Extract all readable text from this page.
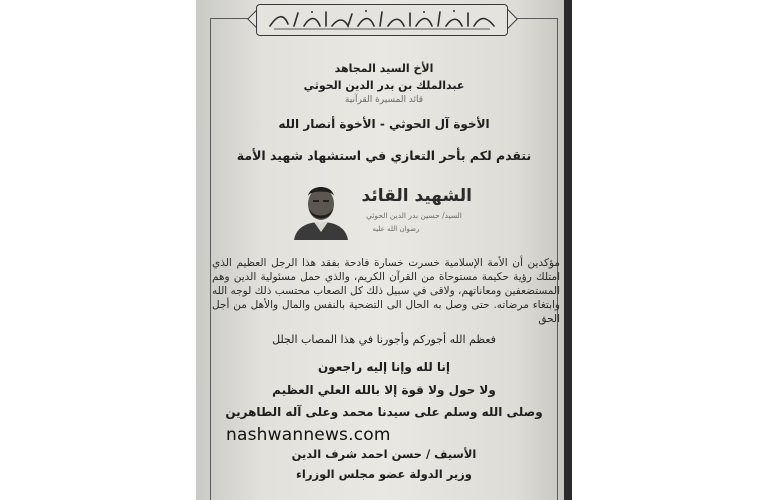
الأخ السيد المجاهد
عبدالملك بن بدر الدين الحوثي
قائد المسيرة القرآنية
الأخوة آل الحوثي - الأخوة أنصار الله
نتقدم لكم بأحر التعازي في استشهاد شهيد الأمة
الشهيد القائد
السيد/ حسين بدر الدين الحوثي
رضوان الله عليه
مؤكدين أن الأمة الإسلامية خسرت خسارة فادحة بفقد هذا الرجل العظيم الذي امتلك رؤية حكيمة مستوحاة من القرآن الكريم، والذي حمل مسئولية الدين وهم المستضعفين ومعاناتهم، ولاقى في سبيل ذلك كل الصعاب محتسب ذلك لوجه الله وابتغاء مرضاته. حتى وصل به الحال الى التضحية بالنفس والمال والأهل من أجل الحق
فعظم الله أجوركم وأجورنا في هذا المصاب الجلل
إنا لله وإنا إليه راجعون
ولا حول ولا قوة إلا بالله العلي العظيم
وصلى الله وسلم على سيدنا محمد وعلى آله الطاهرين
الأسيف / حسن احمد شرف الدين
وزير الدولة عضو مجلس الوزراء
nashwannews.com
